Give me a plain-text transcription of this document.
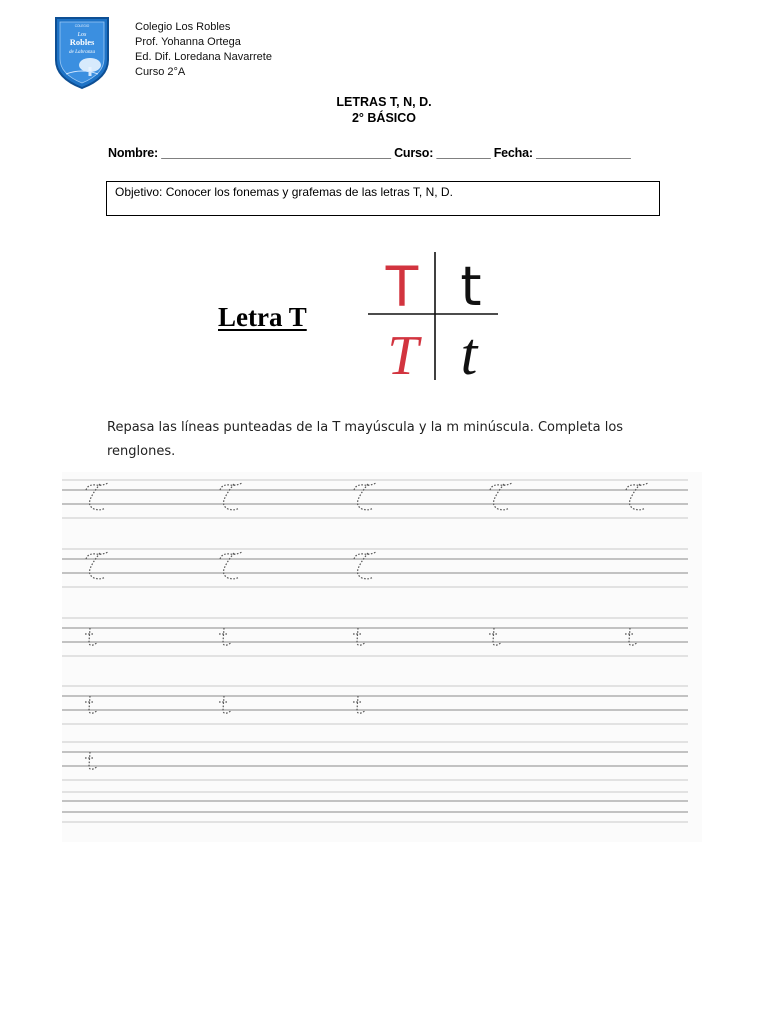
COLEGIO
Los
Robles
de Labranza
Colegio Los Robles
Prof. Yohanna Ortega
Ed. Dif. Loredana Navarrete
Curso 2°A
LETRAS T, N, D.
2° BÁSICO
Nombre: __________________________________ Curso: ________ Fecha: ______________
Objetivo: Conocer los fonemas y grafemas de las letras T, N, D.
Letra T T t
T t
Repasa las líneas punteadas de la T mayúscula y la m minúscula. Completa los renglones.
